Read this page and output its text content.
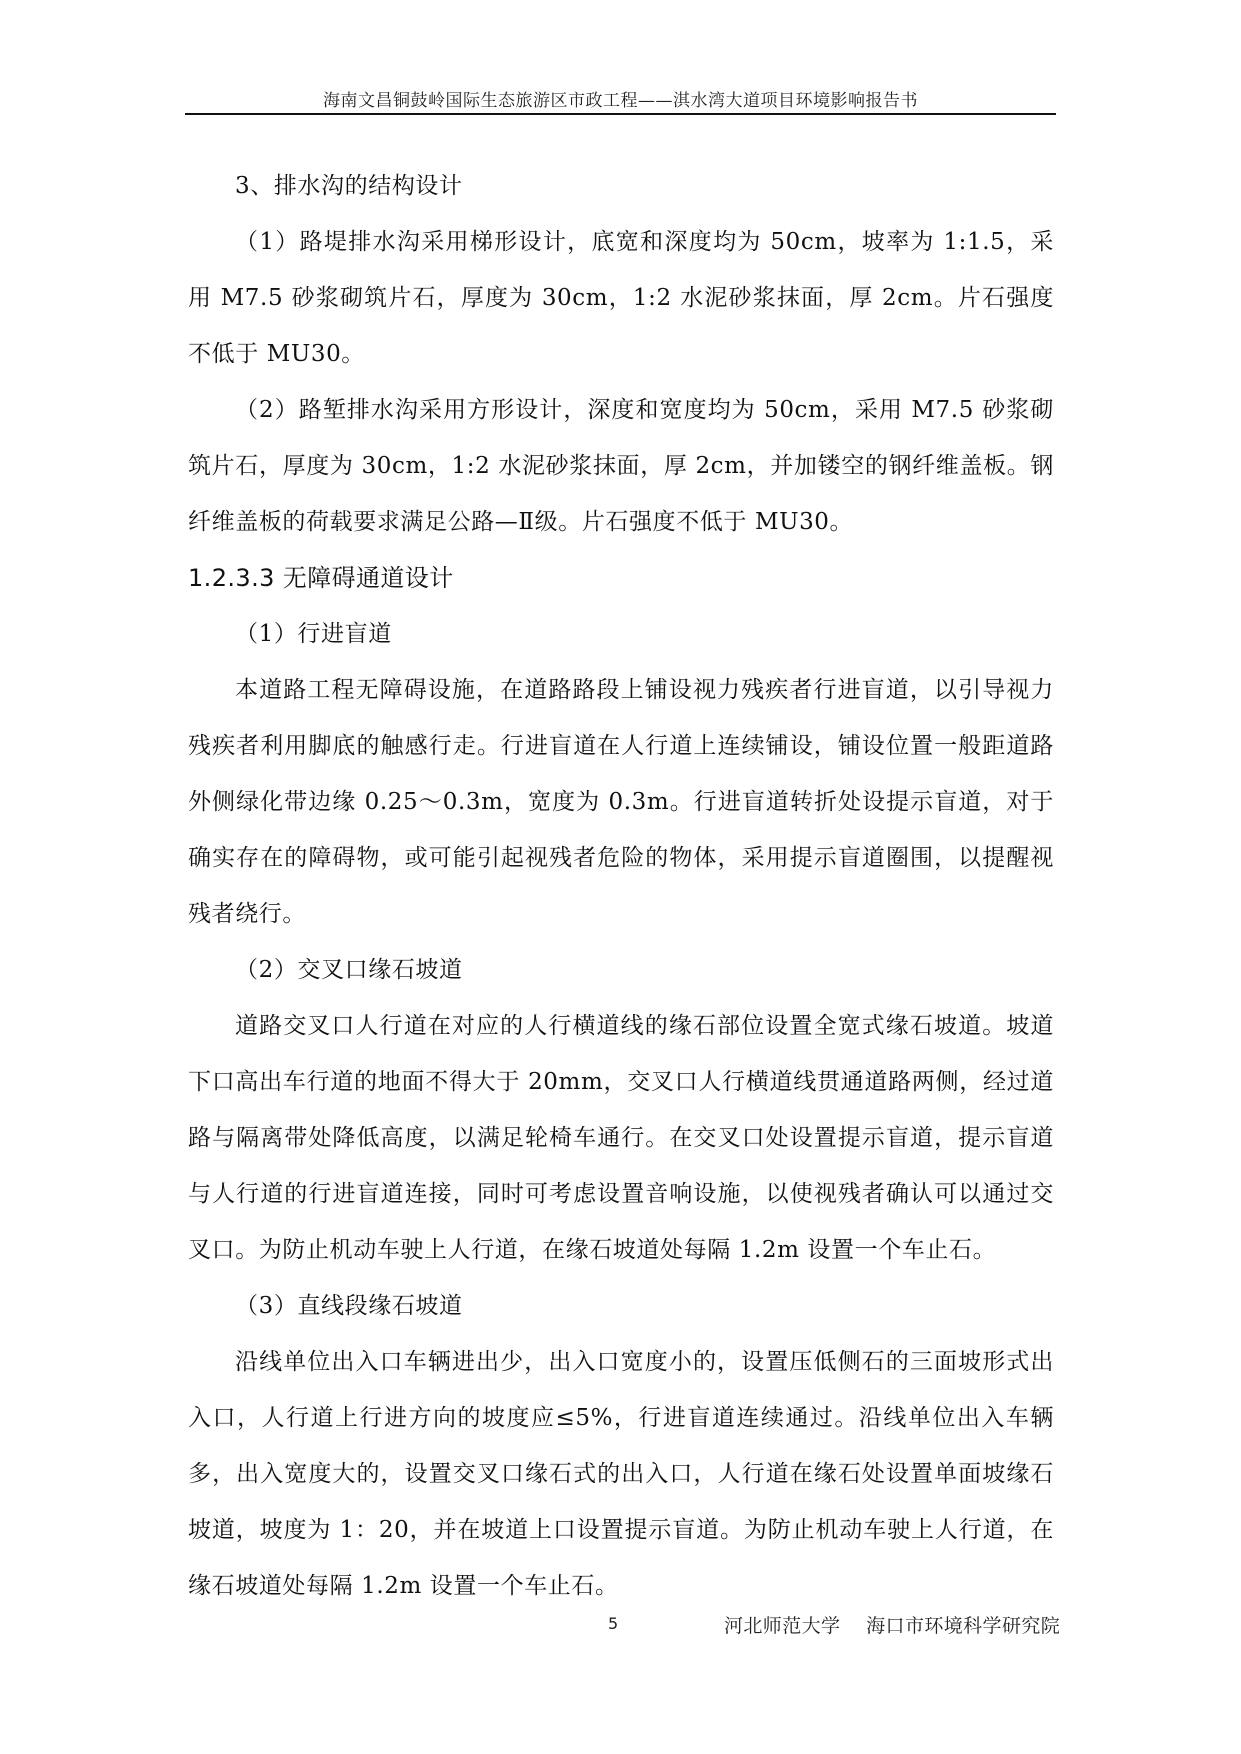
海南文昌铜鼓岭国际生态旅游区市政工程——淇水湾大道项目环境影响报告书

3、排水沟的结构设计

（1）路堤排水沟采用梯形设计，底宽和深度均为 50cm，坡率为 1:1.5，采用 M7.5 砂浆砌筑片石，厚度为 30cm，1:2 水泥砂浆抹面，厚 2cm。片石强度不低于 MU30。

（2）路堑排水沟采用方形设计，深度和宽度均为 50cm，采用 M7.5 砂浆砌筑片石，厚度为 30cm，1:2 水泥砂浆抹面，厚 2cm，并加镂空的钢纤维盖板。钢纤维盖板的荷载要求满足公路—Ⅱ级。片石强度不低于 MU30。

1.2.3.3 无障碍通道设计

（1）行进盲道

本道路工程无障碍设施，在道路路段上铺设视力残疾者行进盲道，以引导视力残疾者利用脚底的触感行走。行进盲道在人行道上连续铺设，铺设位置一般距道路外侧绿化带边缘 0.25～0.3m，宽度为 0.3m。行进盲道转折处设提示盲道，对于确实存在的障碍物，或可能引起视残者危险的物体，采用提示盲道圈围，以提醒视残者绕行。

（2）交叉口缘石坡道

道路交叉口人行道在对应的人行横道线的缘石部位设置全宽式缘石坡道。坡道下口高出车行道的地面不得大于 20mm，交叉口人行横道线贯通道路两侧，经过道路与隔离带处降低高度，以满足轮椅车通行。在交叉口处设置提示盲道，提示盲道与人行道的行进盲道连接，同时可考虑设置音响设施，以使视残者确认可以通过交叉口。为防止机动车驶上人行道，在缘石坡道处每隔 1.2m 设置一个车止石。

（3）直线段缘石坡道

沿线单位出入口车辆进出少，出入口宽度小的，设置压低侧石的三面坡形式出入口，人行道上行进方向的坡度应≤5%，行进盲道连续通过。沿线单位出入车辆多，出入宽度大的，设置交叉口缘石式的出入口，人行道在缘石处设置单面坡缘石坡道，坡度为 1：20，并在坡道上口设置提示盲道。为防止机动车驶上人行道，在缘石坡道处每隔 1.2m 设置一个车止石。

5	河北师范大学    海口市环境科学研究院
